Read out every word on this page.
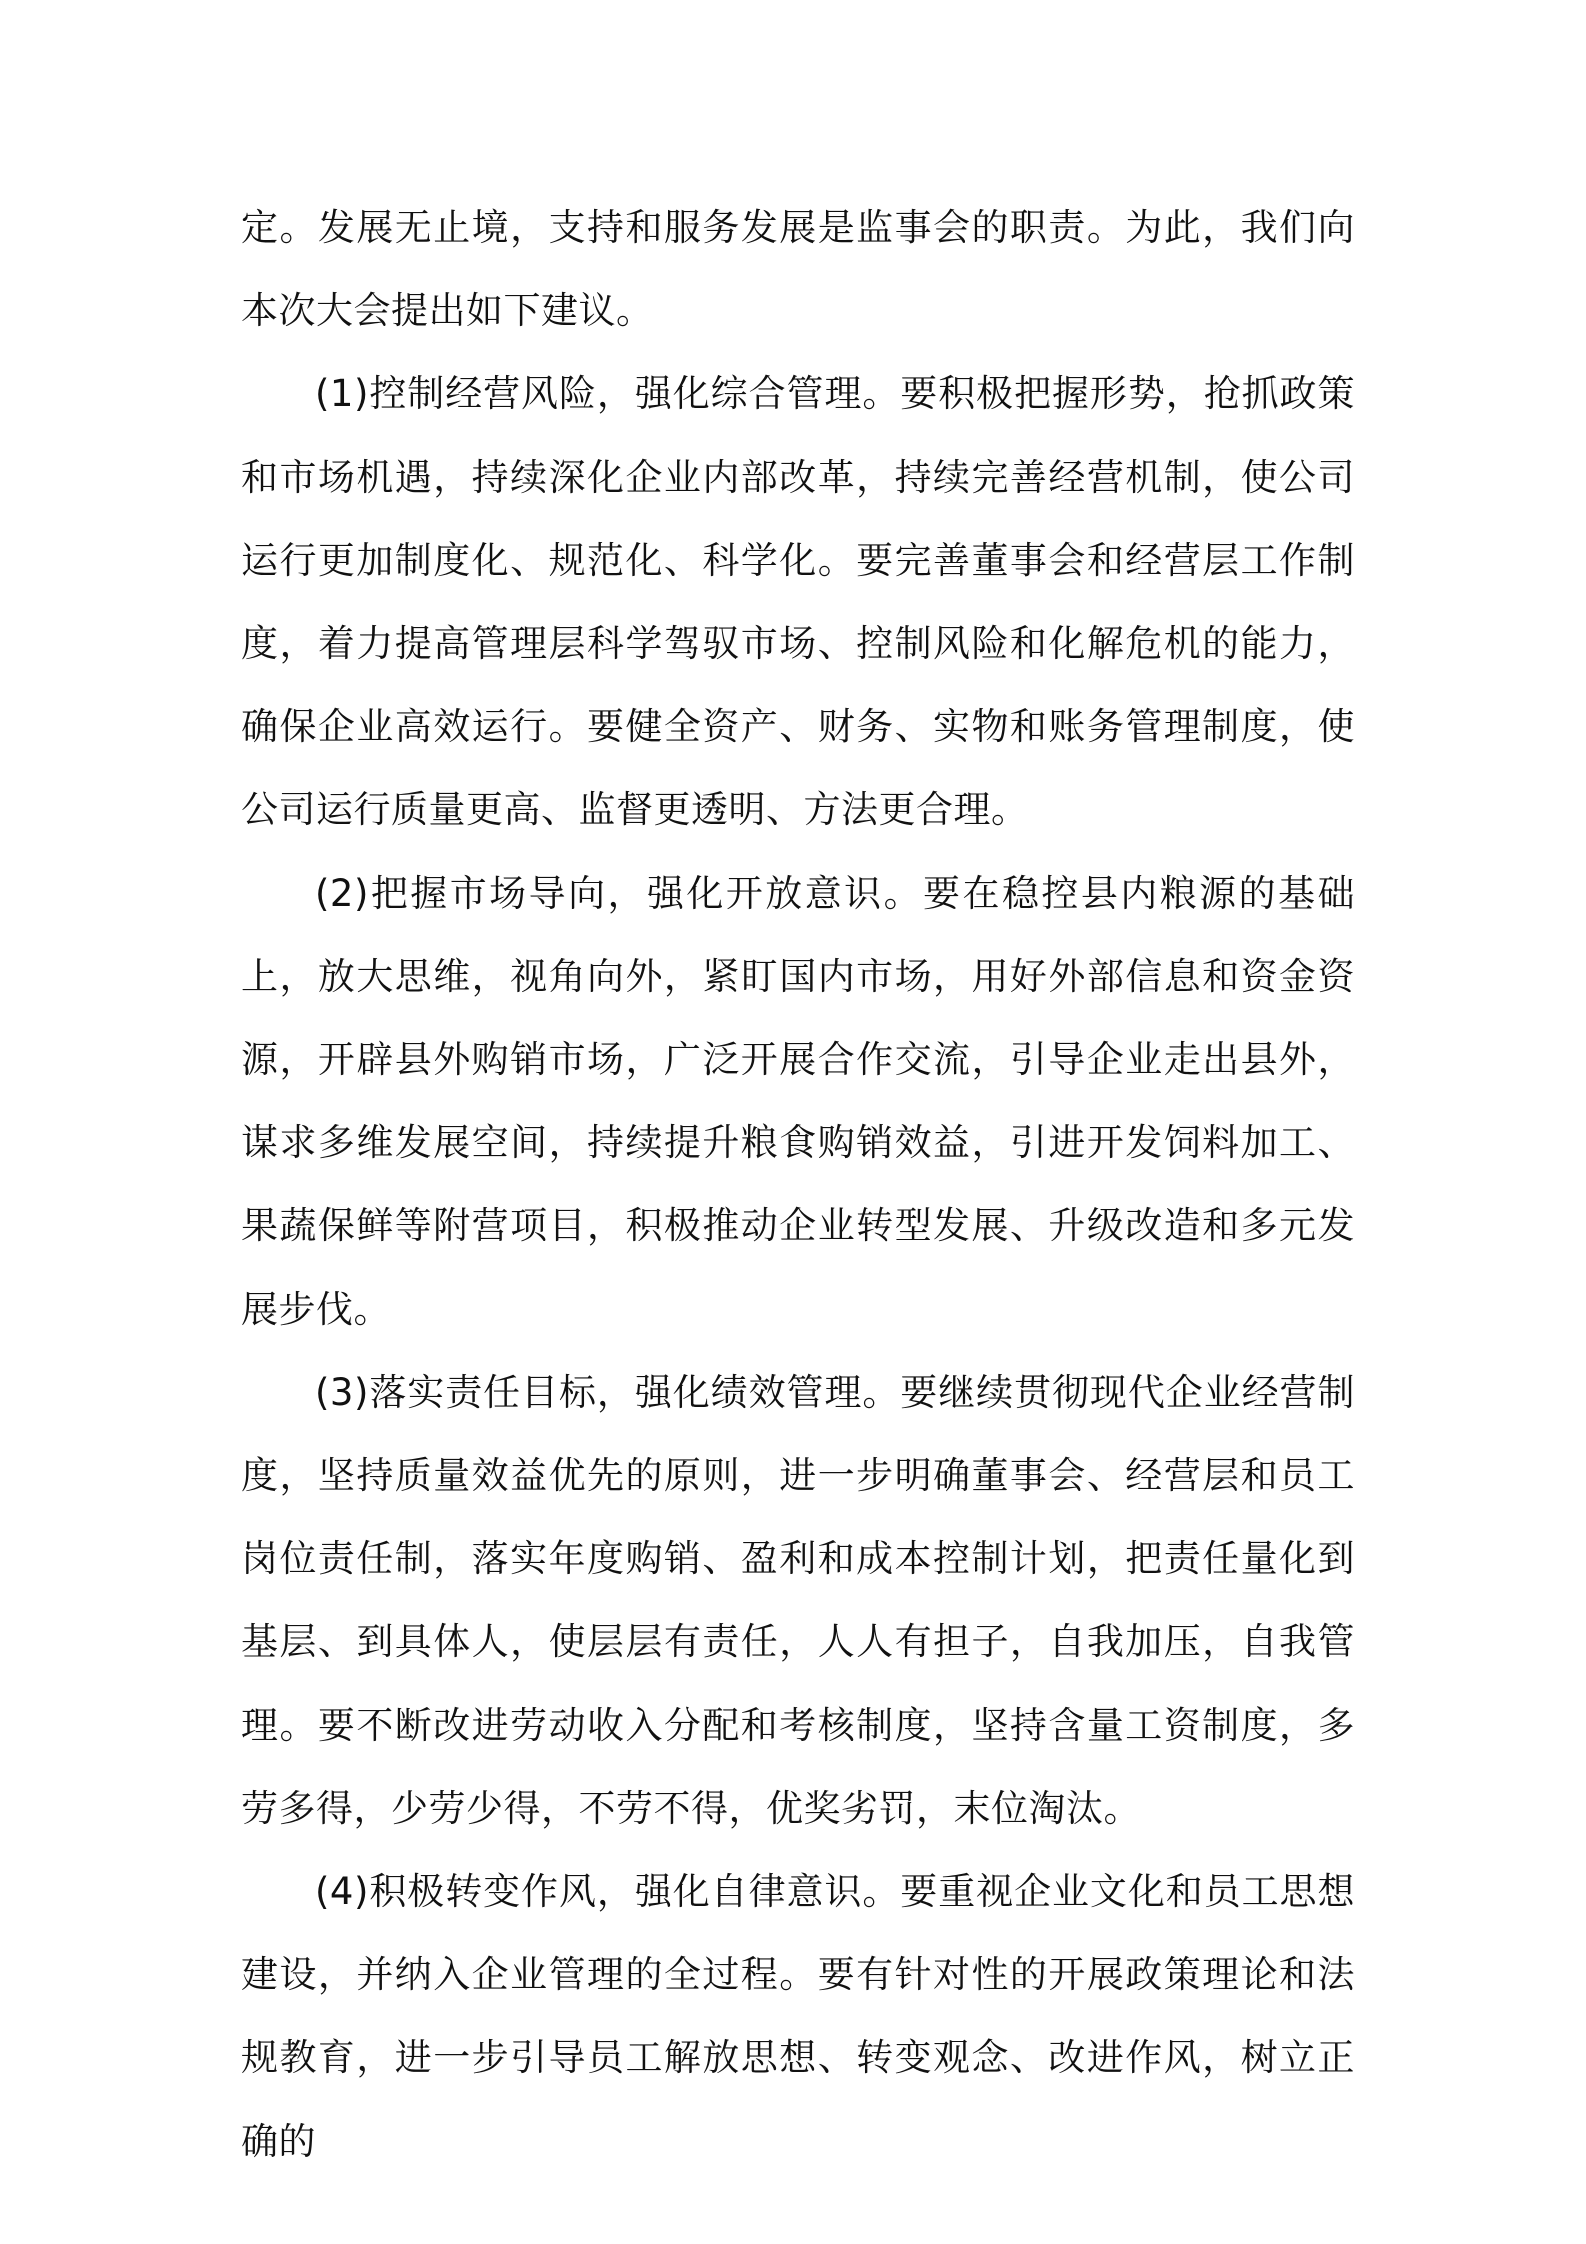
定。发展无止境，支持和服务发展是监事会的职责。为此，我们向本次大会提出如下建议。

(1)控制经营风险，强化综合管理。要积极把握形势，抢抓政策和市场机遇，持续深化企业内部改革，持续完善经营机制，使公司运行更加制度化、规范化、科学化。要完善董事会和经营层工作制度，着力提高管理层科学驾驭市场、控制风险和化解危机的能力，确保企业高效运行。要健全资产、财务、实物和账务管理制度，使公司运行质量更高、监督更透明、方法更合理。

(2)把握市场导向，强化开放意识。要在稳控县内粮源的基础上，放大思维，视角向外，紧盯国内市场，用好外部信息和资金资源，开辟县外购销市场，广泛开展合作交流，引导企业走出县外，谋求多维发展空间，持续提升粮食购销效益，引进开发饲料加工、果蔬保鲜等附营项目，积极推动企业转型发展、升级改造和多元发展步伐。

(3)落实责任目标，强化绩效管理。要继续贯彻现代企业经营制度，坚持质量效益优先的原则，进一步明确董事会、经营层和员工岗位责任制，落实年度购销、盈利和成本控制计划，把责任量化到基层、到具体人，使层层有责任，人人有担子，自我加压，自我管理。要不断改进劳动收入分配和考核制度，坚持含量工资制度，多劳多得，少劳少得，不劳不得，优奖劣罚，末位淘汰。

(4)积极转变作风，强化自律意识。要重视企业文化和员工思想建设，并纳入企业管理的全过程。要有针对性的开展政策理论和法规教育，进一步引导员工解放思想、转变观念、改进作风，树立正确的
